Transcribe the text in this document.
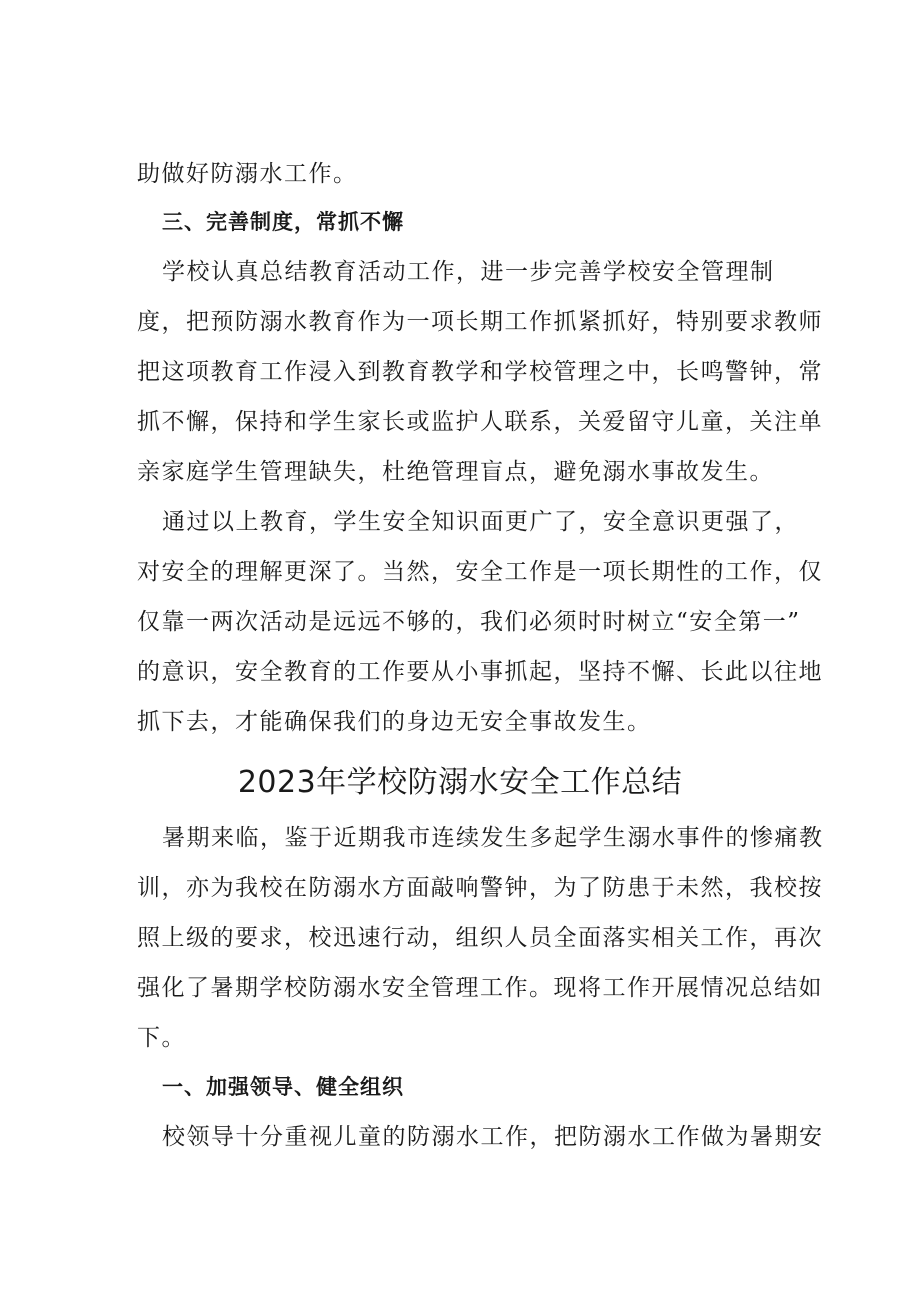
助做好防溺水工作。
三、完善制度，常抓不懈
学校认真总结教育活动工作，进一步完善学校安全管理制
度，把预防溺水教育作为一项长期工作抓紧抓好，特别要求教师
把这项教育工作浸入到教育教学和学校管理之中，长鸣警钟，常
抓不懈，保持和学生家长或监护人联系，关爱留守儿童，关注单
亲家庭学生管理缺失，杜绝管理盲点，避免溺水事故发生。
通过以上教育，学生安全知识面更广了，安全意识更强了，
对安全的理解更深了。当然，安全工作是一项长期性的工作，仅
仅靠一两次活动是远远不够的，我们必须时时树立“安全第一”
的意识，安全教育的工作要从小事抓起，坚持不懈、长此以往地
抓下去，才能确保我们的身边无安全事故发生。
2023年学校防溺水安全工作总结
暑期来临，鉴于近期我市连续发生多起学生溺水事件的惨痛教
训，亦为我校在防溺水方面敲响警钟，为了防患于未然，我校按
照上级的要求，校迅速行动，组织人员全面落实相关工作，再次
强化了暑期学校防溺水安全管理工作。现将工作开展情况总结如
下。
一、加强领导、健全组织
校领导十分重视儿童的防溺水工作，把防溺水工作做为暑期安
